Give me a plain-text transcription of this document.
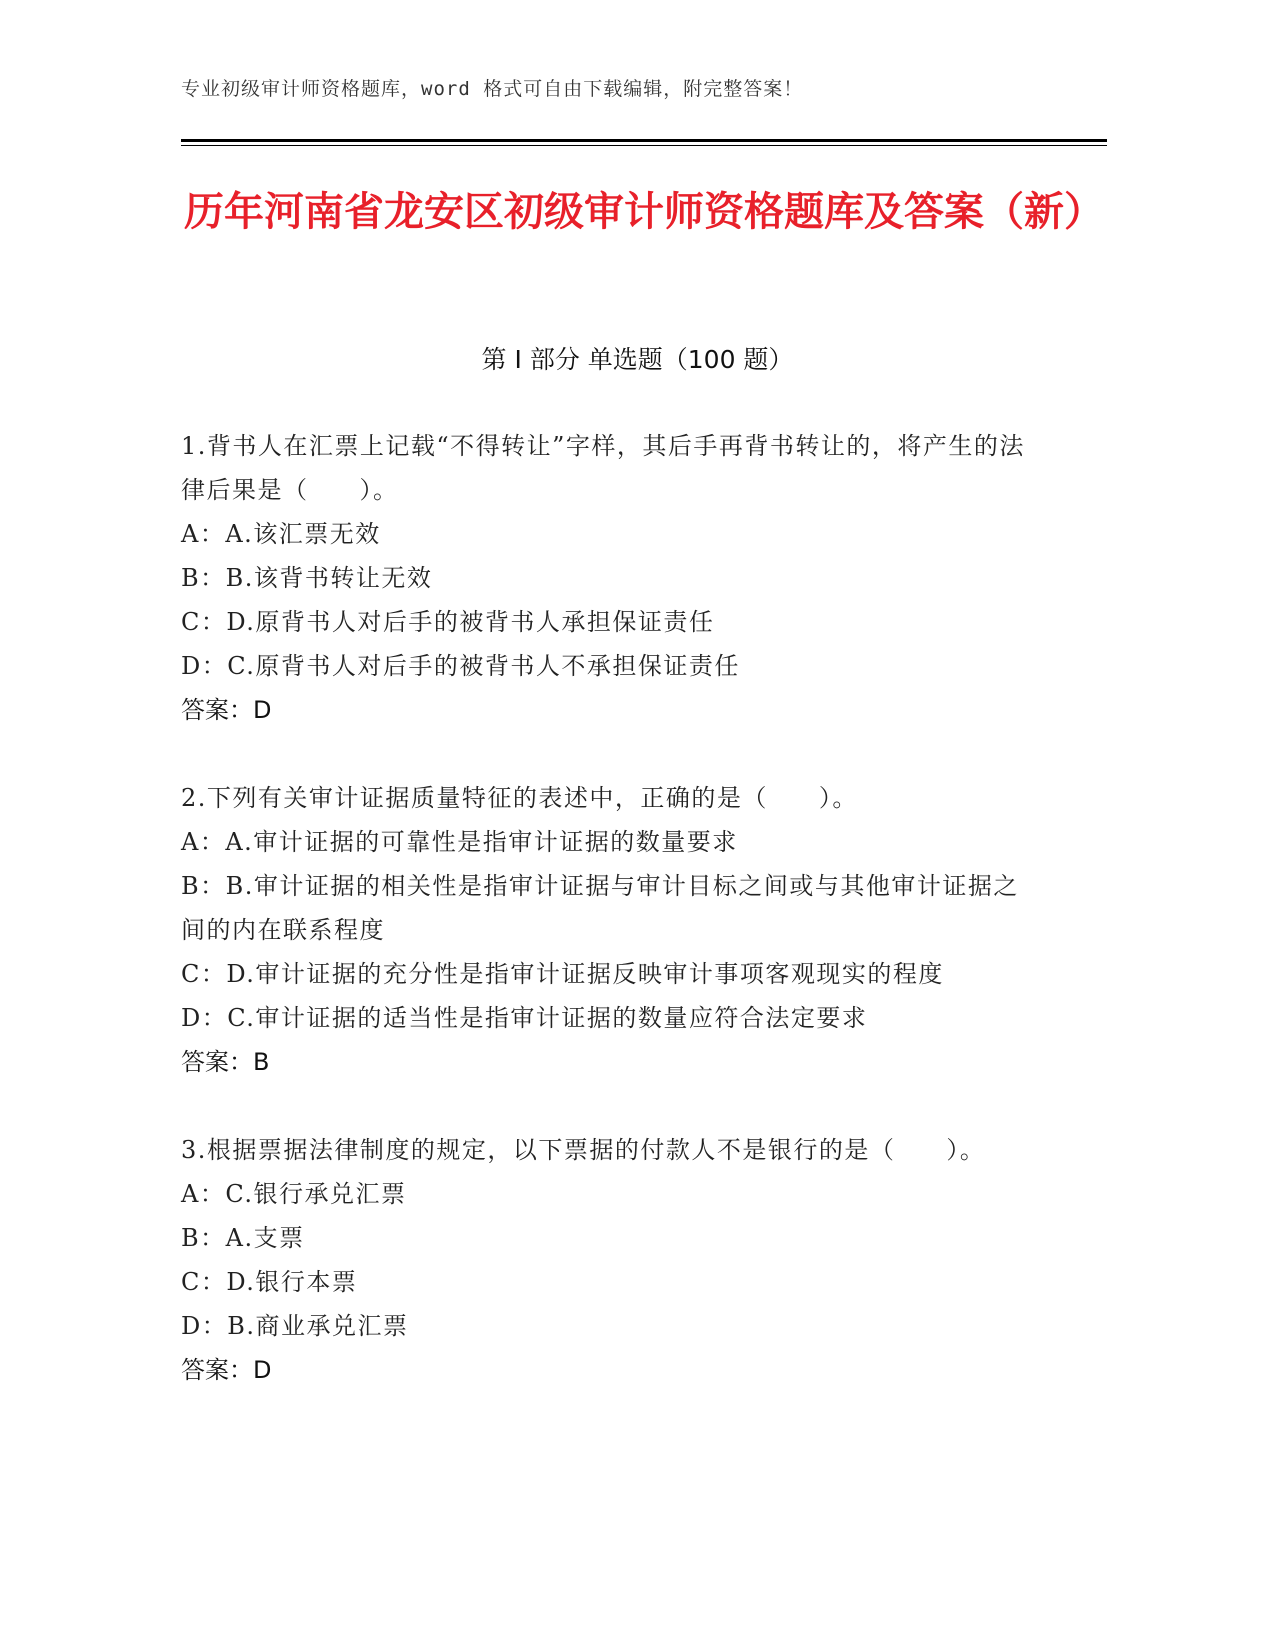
专业初级审计师资格题库，word 格式可自由下载编辑，附完整答案！
历年河南省龙安区初级审计师资格题库及答案（新）
第 I 部分 单选题（100 题）
1.背书人在汇票上记载“不得转让”字样，其后手再背书转让的，将产生的法律后果是（　　）。
A：A.该汇票无效
B：B.该背书转让无效
C：D.原背书人对后手的被背书人承担保证责任
D：C.原背书人对后手的被背书人不承担保证责任
答案：D
2.下列有关审计证据质量特征的表述中，正确的是（　　）。
A：A.审计证据的可靠性是指审计证据的数量要求
B：B.审计证据的相关性是指审计证据与审计目标之间或与其他审计证据之间的内在联系程度
C：D.审计证据的充分性是指审计证据反映审计事项客观现实的程度
D：C.审计证据的适当性是指审计证据的数量应符合法定要求
答案：B
3.根据票据法律制度的规定，以下票据的付款人不是银行的是（　　）。
A：C.银行承兑汇票
B：A.支票
C：D.银行本票
D：B.商业承兑汇票
答案：D
